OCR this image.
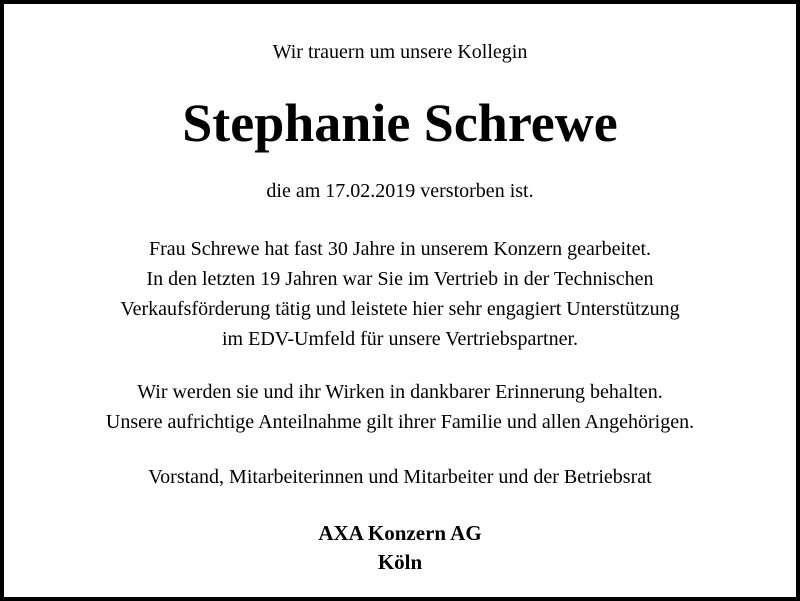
Wir trauern um unsere Kollegin

Stephanie Schrewe

die am 17.02.2019 verstorben ist.

Frau Schrewe hat fast 30 Jahre in unserem Konzern gearbeitet.
In den letzten 19 Jahren war Sie im Vertrieb in der Technischen
Verkaufsförderung tätig und leistete hier sehr engagiert Unterstützung
im EDV-Umfeld für unsere Vertriebspartner.
Wir werden sie und ihr Wirken in dankbarer Erinnerung behalten.
Unsere aufrichtige Anteilnahme gilt ihrer Familie und allen Angehörigen.
Vorstand, Mitarbeiterinnen und Mitarbeiter und der Betriebsrat

AXA Konzern AG

Köln
